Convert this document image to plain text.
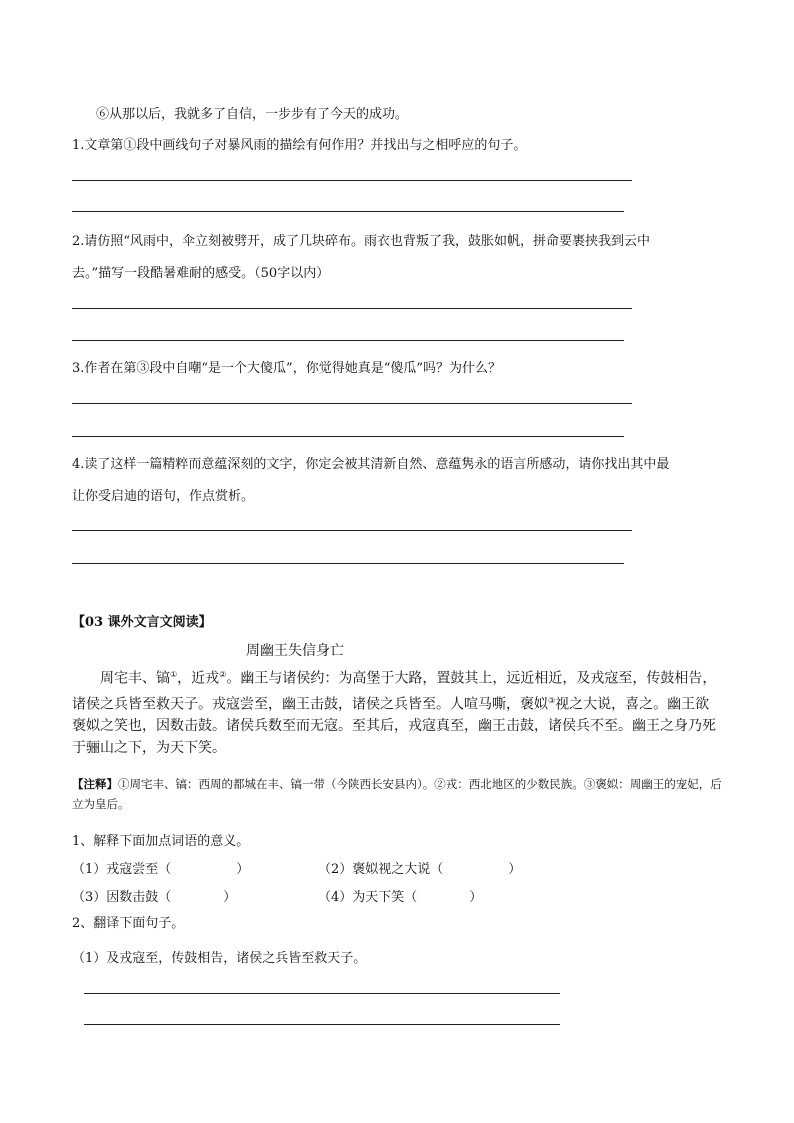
⑥从那以后，我就多了自信，一步步有了今天的成功。
1.文章第①段中画线句子对暴风雨的描绘有何作用？并找出与之相呼应的句子。
2.请仿照“风雨中，伞立刻被劈开，成了几块碎布。雨衣也背叛了我，鼓胀如帆，拼命要裹挟我到云中
去。”描写一段酷暑难耐的感受。（50字以内）
3.作者在第③段中自嘲“是一个大傻瓜”，你觉得她真是“傻瓜”吗？为什么？
4.读了这样一篇精粹而意蕴深刻的文字，你定会被其清新自然、意蕴隽永的语言所感动，请你找出其中最
让你受启迪的语句，作点赏析。
【03 课外文言文阅读】
周幽王失信身亡
周宅丰、镐①，近戎②。幽王与诸侯约：为高堡于大路，置鼓其上，远近相近，及戎寇至，传鼓相告，诸侯之兵皆至救天子。戎寇尝至，幽王击鼓，诸侯之兵皆至。人喧马嘶，褒姒③视之大说，喜之。幽王欲褒姒之笑也，因数击鼓。诸侯兵数至而无寇。至其后，戎寇真至，幽王击鼓，诸侯兵不至。幽王之身乃死于骊山之下，为天下笑。
【注释】①周宅丰、镐：西周的都城在丰、镐一带（今陕西长安县内）。②戎：西北地区的少数民族。③褒姒：周幽王的宠妃，后立为皇后。
1、解释下面加点词语的意义。
（1）戎寇尝至（　　　　　）	（2）褒姒视之大说（　　　　　）
（3）因数击鼓（　　　　）	（4）为天下笑（　　　　）
2、翻译下面句子。
（1）及戎寇至，传鼓相告，诸侯之兵皆至救天子。
